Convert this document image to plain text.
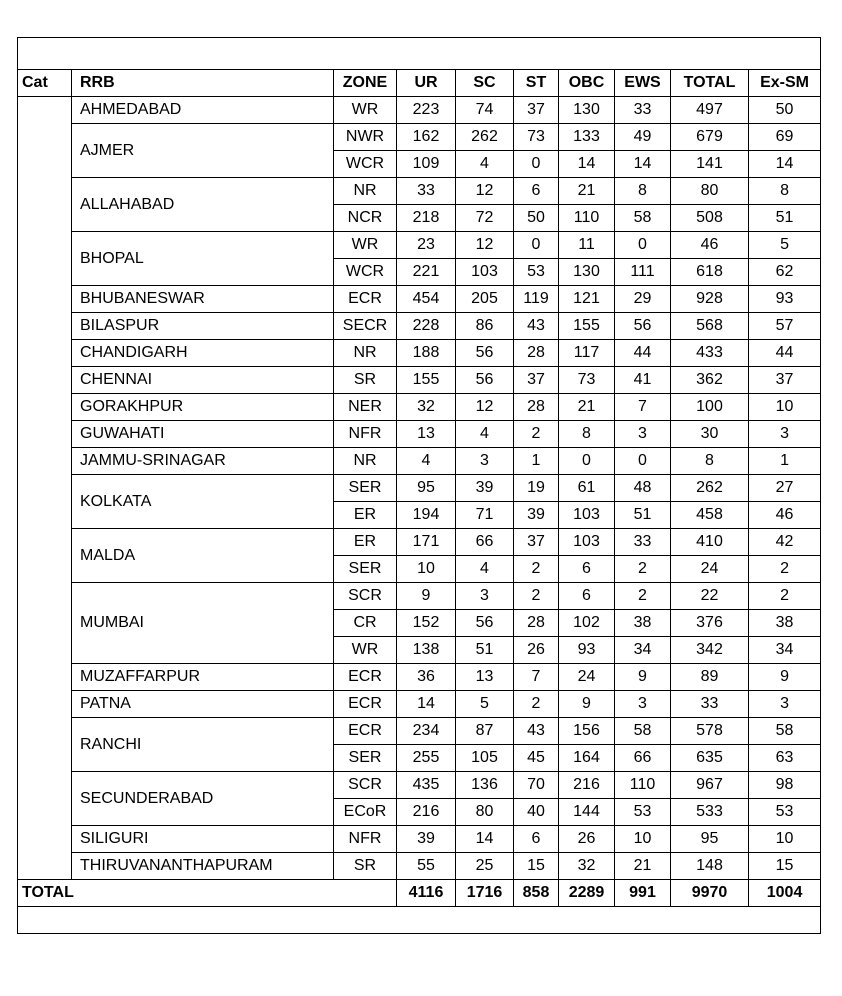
Cat	RRB	ZONE	UR	SC	ST	OBC	EWS	TOTAL	Ex-SM
	AHMEDABAD	WR	223	74	37	130	33	497	50
	AJMER	NWR	162	262	73	133	49	679	69
		WCR	109	4	0	14	14	141	14
	ALLAHABAD	NR	33	12	6	21	8	80	8
		NCR	218	72	50	110	58	508	51
	BHOPAL	WR	23	12	0	11	0	46	5
		WCR	221	103	53	130	111	618	62
	BHUBANESWAR	ECR	454	205	119	121	29	928	93
	BILASPUR	SECR	228	86	43	155	56	568	57
	CHANDIGARH	NR	188	56	28	117	44	433	44
	CHENNAI	SR	155	56	37	73	41	362	37
	GORAKHPUR	NER	32	12	28	21	7	100	10
	GUWAHATI	NFR	13	4	2	8	3	30	3
	JAMMU-SRINAGAR	NR	4	3	1	0	0	8	1
	KOLKATA	SER	95	39	19	61	48	262	27
		ER	194	71	39	103	51	458	46
	MALDA	ER	171	66	37	103	33	410	42
		SER	10	4	2	6	2	24	2
	MUMBAI	SCR	9	3	2	6	2	22	2
		CR	152	56	28	102	38	376	38
		WR	138	51	26	93	34	342	34
	MUZAFFARPUR	ECR	36	13	7	24	9	89	9
	PATNA	ECR	14	5	2	9	3	33	3
	RANCHI	ECR	234	87	43	156	58	578	58
		SER	255	105	45	164	66	635	63
	SECUNDERABAD	SCR	435	136	70	216	110	967	98
		ECoR	216	80	40	144	53	533	53
	SILIGURI	NFR	39	14	6	26	10	95	10
	THIRUVANANTHAPURAM	SR	55	25	15	32	21	148	15
TOTAL			4116	1716	858	2289	991	9970	1004
